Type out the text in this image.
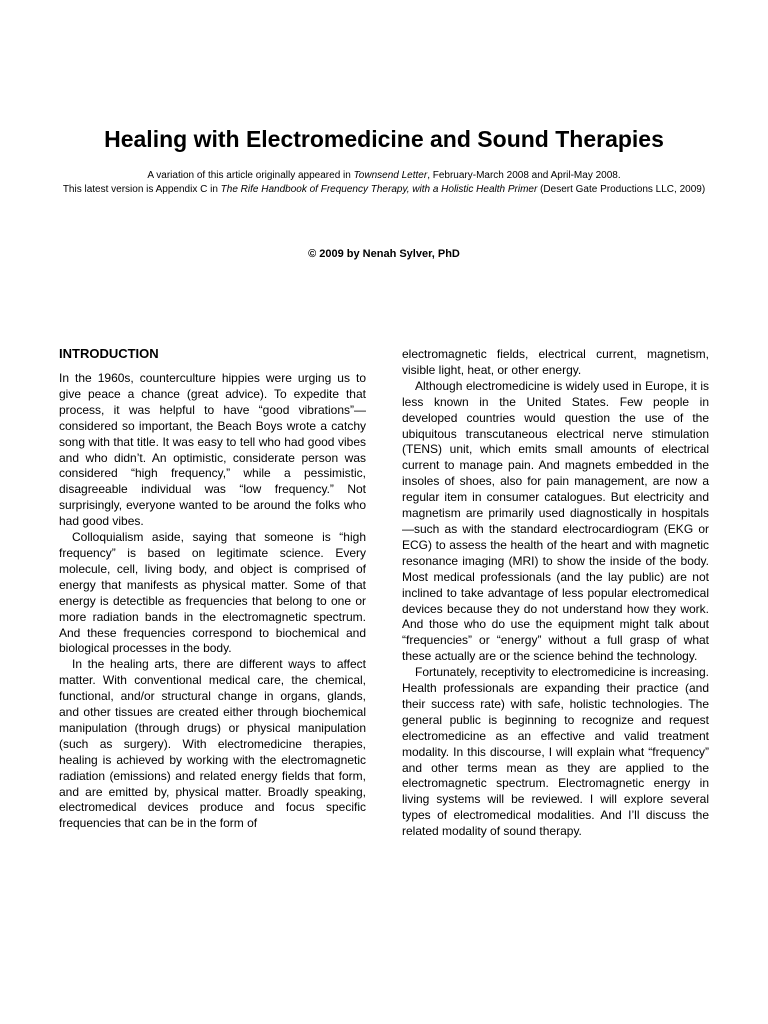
Healing with Electromedicine and Sound Therapies

A variation of this article originally appeared in Townsend Letter, February-March 2008 and April-May 2008.

This latest version is Appendix C in The Rife Handbook of Frequency Therapy, with a Holistic Health Primer (Desert Gate Productions LLC, 2009)

© 2009 by Nenah Sylver, PhD

INTRODUCTION

In the 1960s, counterculture hippies were urging us to give peace a chance (great advice). To expedite that process, it was helpful to have “good vibrations”—considered so important, the Beach Boys wrote a catchy song with that title. It was easy to tell who had good vibes and who didn’t. An optimistic, considerate person was considered “high frequency,” while a pessimistic, disagreeable individual was “low frequency.” Not surprisingly, everyone wanted to be around the folks who had good vibes.

Colloquialism aside, saying that someone is “high frequency” is based on legitimate science. Every molecule, cell, living body, and object is comprised of energy that manifests as physical matter. Some of that energy is detectible as frequencies that belong to one or more radiation bands in the electromagnetic spectrum. And these frequencies correspond to biochemical and biological processes in the body.

In the healing arts, there are different ways to affect matter. With conventional medical care, the chemical, functional, and/or structural change in organs, glands, and other tissues are created either through biochemical manipulation (through drugs) or physical manipulation (such as surgery). With electromedicine therapies, healing is achieved by working with the electromagnetic radiation (emissions) and related energy fields that form, and are emitted by, physical matter. Broadly speaking, electromedical devices produce and focus specific frequencies that can be in the form of

electromagnetic fields, electrical current, magnetism, visible light, heat, or other energy.

Although electromedicine is widely used in Europe, it is less known in the United States. Few people in developed countries would question the use of the ubiquitous transcutaneous electrical nerve stimulation (TENS) unit, which emits small amounts of electrical current to manage pain. And magnets embedded in the insoles of shoes, also for pain management, are now a regular item in consumer catalogues. But electricity and magnetism are primarily used diagnostically in hospitals—such as with the standard electrocardiogram (EKG or ECG) to assess the health of the heart and with magnetic resonance imaging (MRI) to show the inside of the body. Most medical professionals (and the lay public) are not inclined to take advantage of less popular electromedical devices because they do not understand how they work. And those who do use the equipment might talk about “frequencies” or “energy” without a full grasp of what these actually are or the science behind the technology.

Fortunately, receptivity to electromedicine is increasing. Health professionals are expanding their practice (and their success rate) with safe, holistic technologies. The general public is beginning to recognize and request electromedicine as an effective and valid treatment modality. In this discourse, I will explain what “frequency” and other terms mean as they are applied to the electromagnetic spectrum. Electromagnetic energy in living systems will be reviewed. I will explore several types of electromedical modalities. And I’ll discuss the related modality of sound therapy.
